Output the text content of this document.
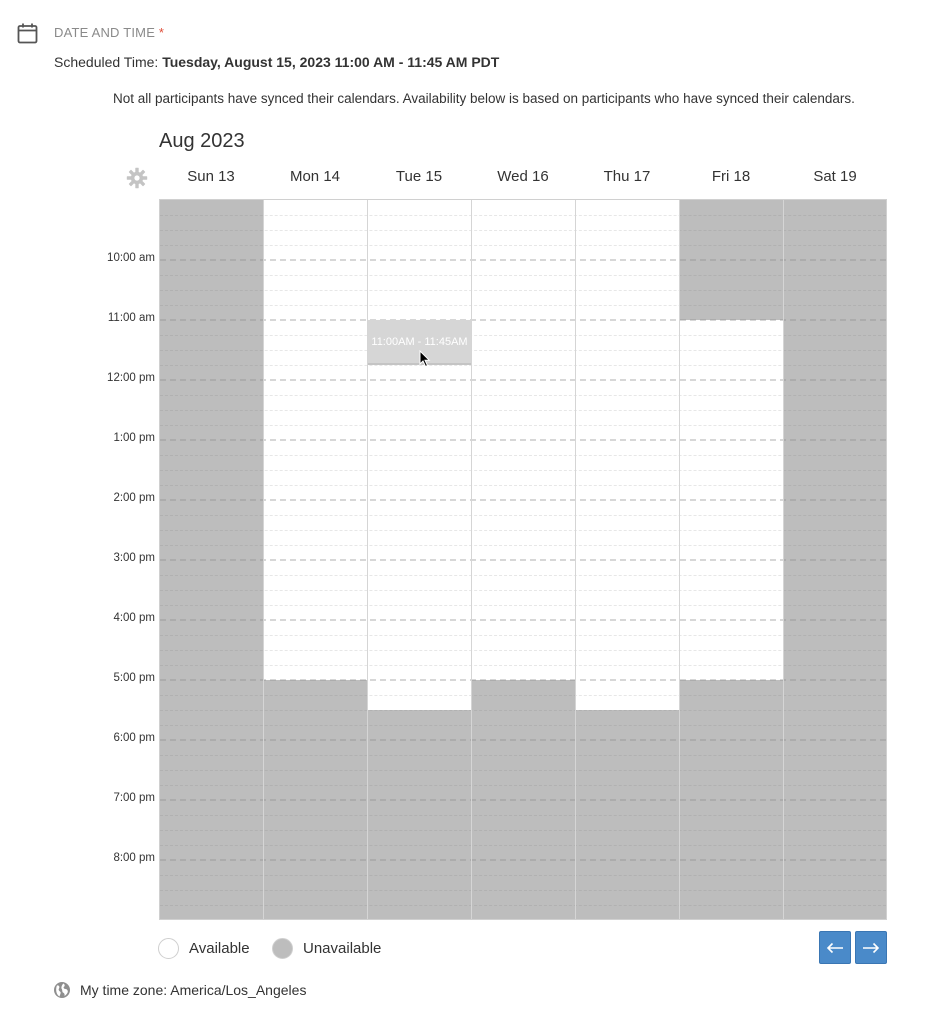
DATE AND TIME *
Scheduled Time: Tuesday, August 15, 2023 11:00 AM - 11:45 AM PDT
Not all participants have synced their calendars. Availability below is based on participants who have synced their calendars.
Aug 2023
Sun 13	Mon 14	Tue 15	Wed 16	Thu 17	Fri 18	Sat 19
10:00 am
11:00 am
12:00 pm
1:00 pm
2:00 pm
3:00 pm
4:00 pm
5:00 pm
6:00 pm
7:00 pm
8:00 pm
11:00AM - 11:45AM
Available	Unavailable
My time zone: America/Los_Angeles
